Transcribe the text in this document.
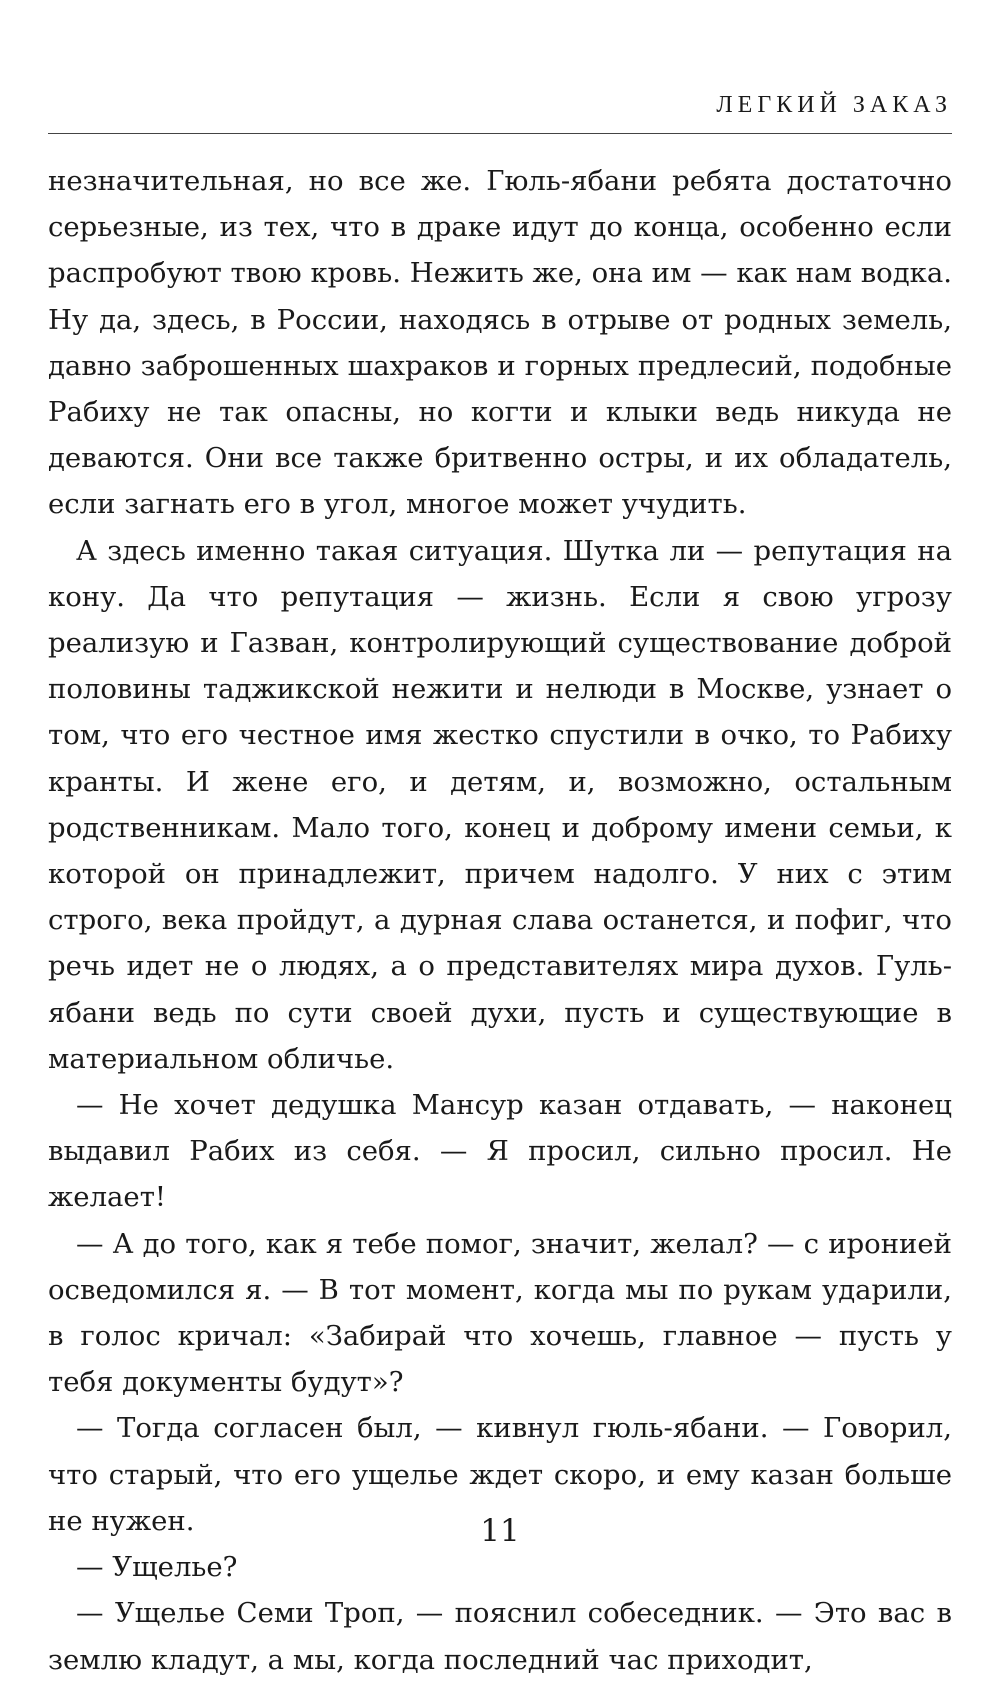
ЛЕГКИЙ ЗАКАЗ

незначительная, но все же. Гюль-ябани ребята достаточно серьезные, из тех, что в драке идут до конца, особенно если распробуют твою кровь. Нежить же, она им — как нам водка. Ну да, здесь, в России, находясь в отрыве от родных земель, давно заброшенных шахраков и горных предлесий, подобные Рабиху не так опасны, но когти и клыки ведь никуда не деваются. Они все также бритвенно остры, и их обладатель, если загнать его в угол, многое может учудить.

А здесь именно такая ситуация. Шутка ли — репутация на кону. Да что репутация — жизнь. Если я свою угрозу реализую и Газван, контролирующий существование доброй половины таджикской нежити и нелюди в Москве, узнает о том, что его честное имя жестко спустили в очко, то Рабиху кранты. И жене его, и детям, и, возможно, остальным родственникам. Мало того, конец и доброму имени семьи, к которой он принадлежит, причем надолго. У них с этим строго, века пройдут, а дурная слава останется, и пофиг, что речь идет не о людях, а о представителях мира духов. Гуль-ябани ведь по сути своей духи, пусть и существующие в материальном обличье.

— Не хочет дедушка Мансур казан отдавать, — наконец выдавил Рабих из себя. — Я просил, сильно просил. Не желает!

— А до того, как я тебе помог, значит, желал? — с иронией осведомился я. — В тот момент, когда мы по рукам ударили, в голос кричал: «Забирай что хочешь, главное — пусть у тебя документы будут»?

— Тогда согласен был, — кивнул гюль-ябани. — Говорил, что старый, что его ущелье ждет скоро, и ему казан больше не нужен.

— Ущелье?

— Ущелье Семи Троп, — пояснил собеседник. — Это вас в землю кладут, а мы, когда последний час приходит,

11
